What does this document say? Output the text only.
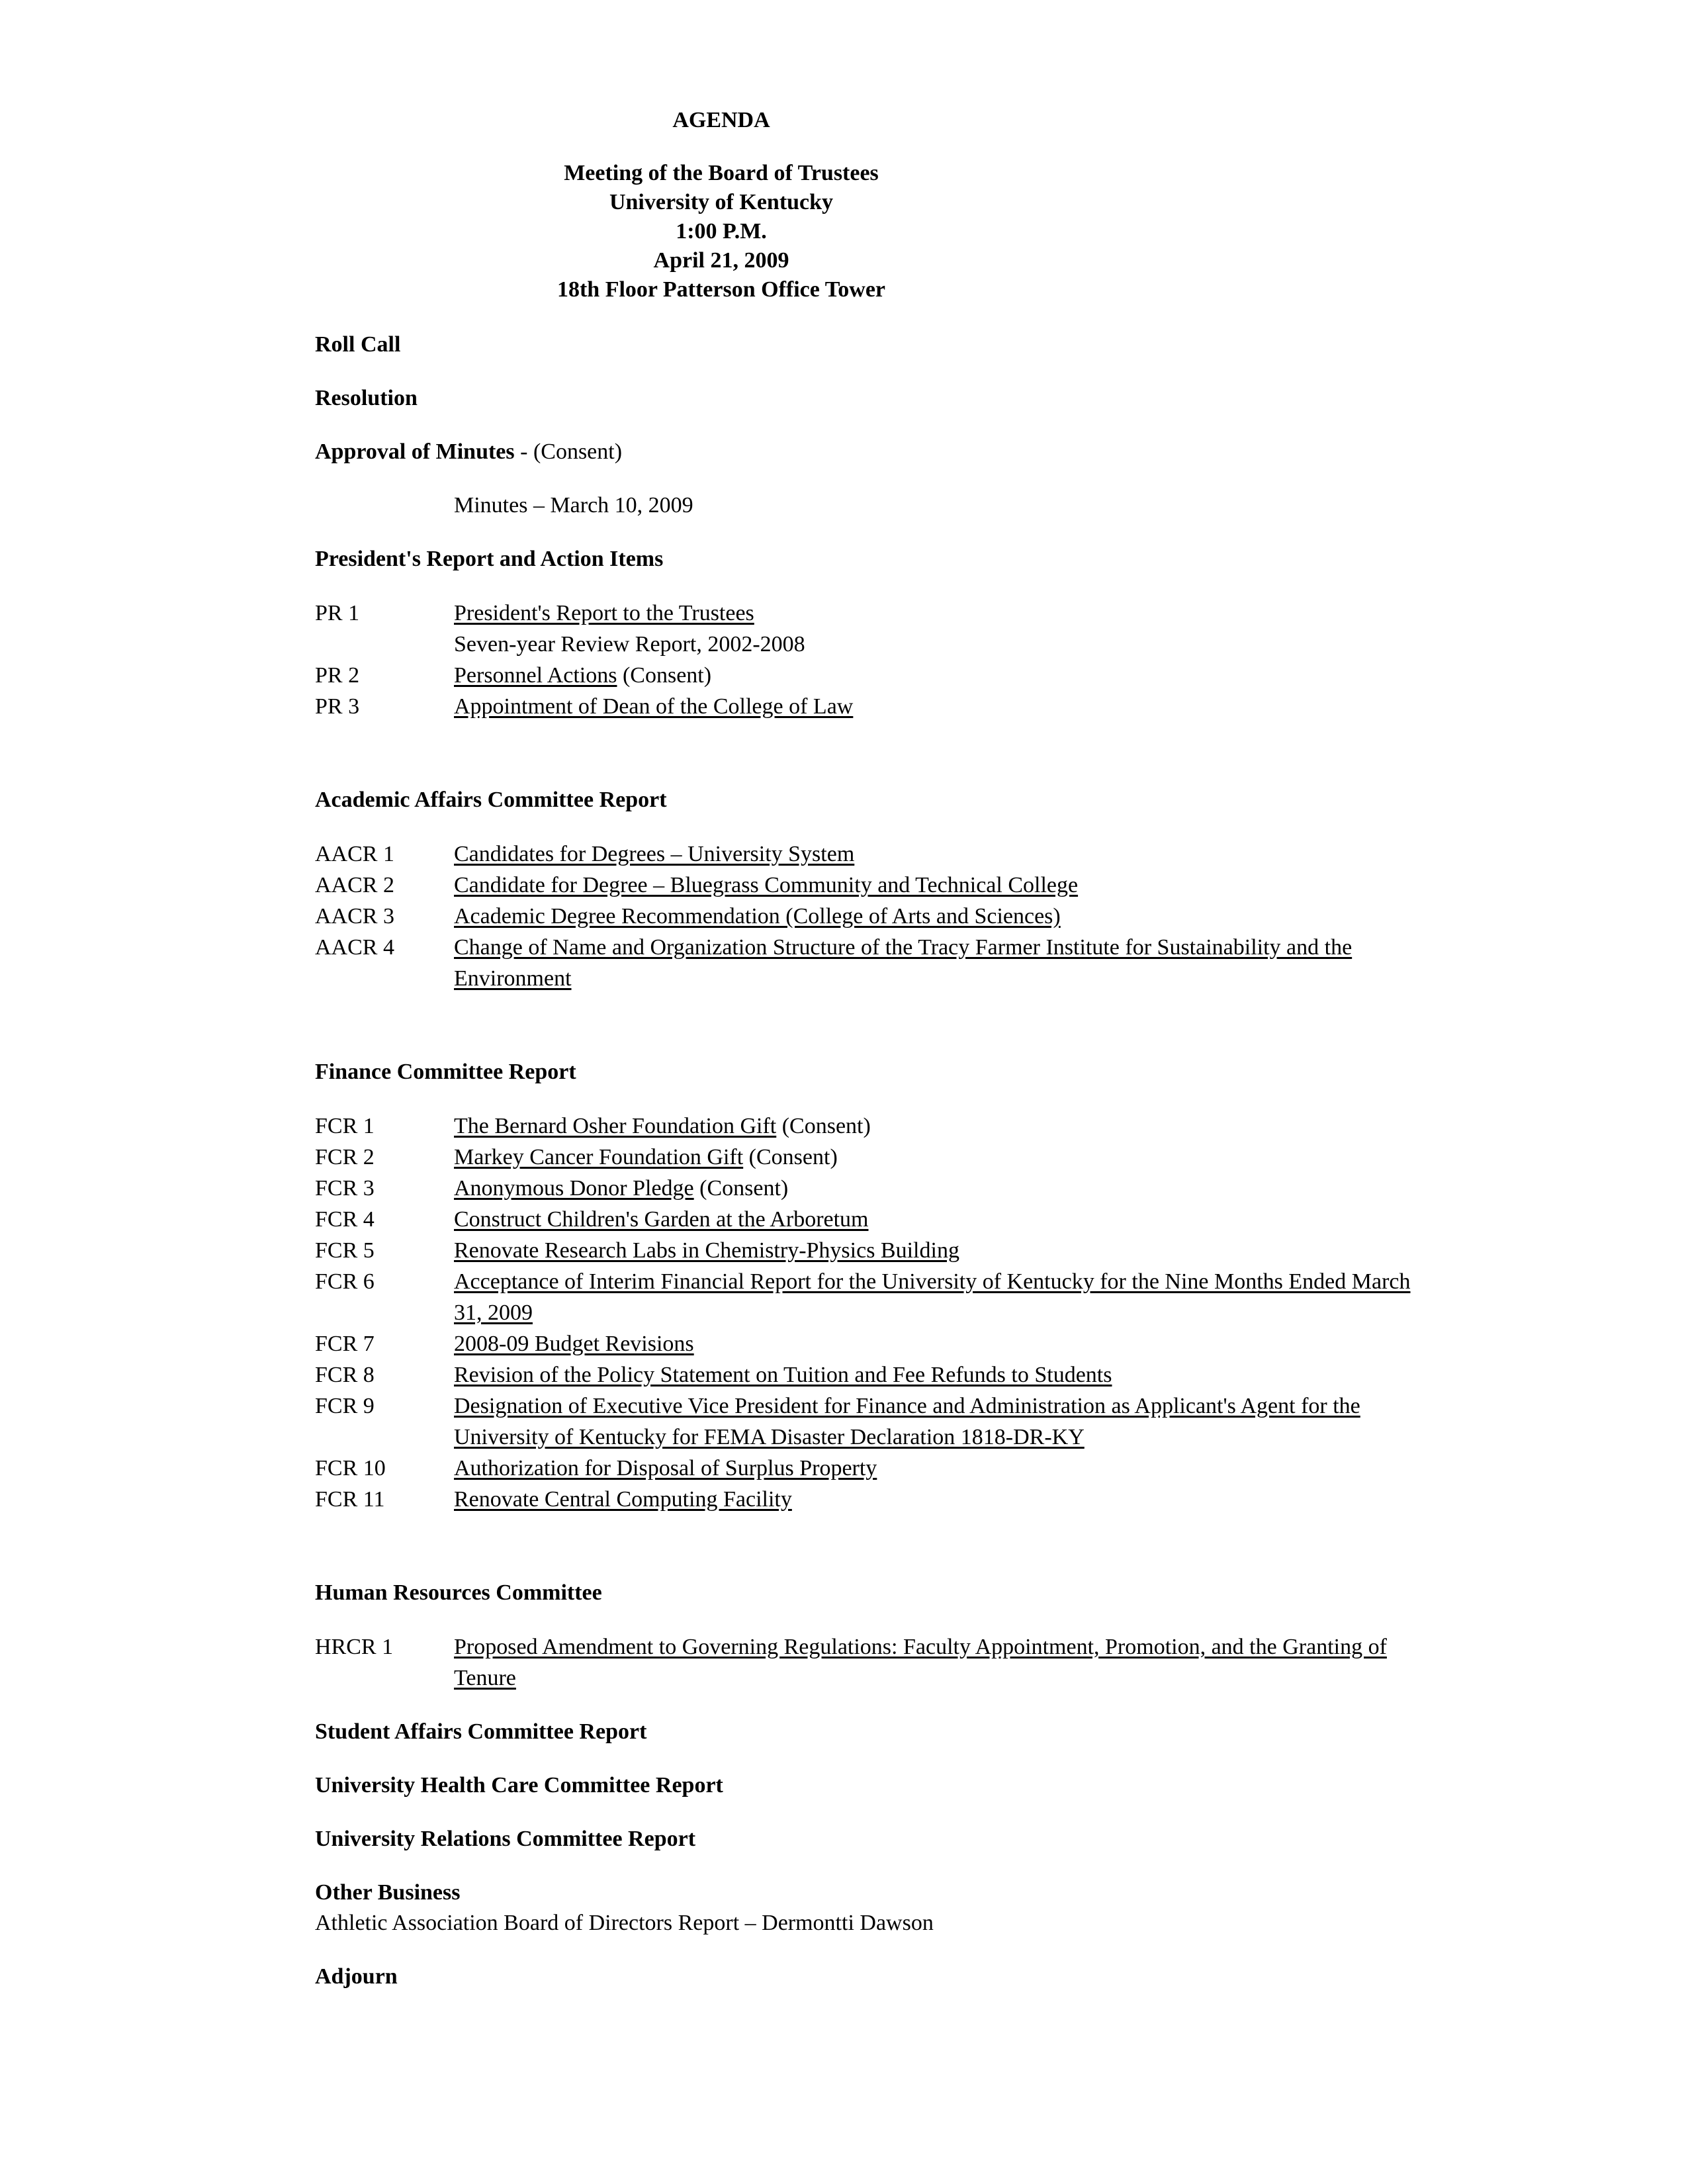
AGENDA
Meeting of the Board of Trustees
University of Kentucky
1:00 P.M.
April 21, 2009
18th Floor Patterson Office Tower
Roll Call
Resolution
Approval of Minutes - (Consent)
Minutes – March 10, 2009
President's Report and Action Items
PR 1	President's Report to the Trustees
Seven-year Review Report, 2002-2008
PR 2	Personnel Actions (Consent)
PR 3	Appointment of Dean of the College of Law
Academic Affairs Committee Report
AACR 1	Candidates for Degrees – University System
AACR 2	Candidate for Degree – Bluegrass Community and Technical College
AACR 3	Academic Degree Recommendation (College of Arts and Sciences)
AACR 4	Change of Name and Organization Structure of the Tracy Farmer Institute for Sustainability and the Environment
Finance Committee Report
FCR 1	The Bernard Osher Foundation Gift (Consent)
FCR 2	Markey Cancer Foundation Gift (Consent)
FCR 3	Anonymous Donor Pledge (Consent)
FCR 4	Construct Children's Garden at the Arboretum
FCR 5	Renovate Research Labs in Chemistry-Physics Building
FCR 6	Acceptance of Interim Financial Report for the University of Kentucky for the Nine Months Ended March 31, 2009
FCR 7	2008-09 Budget Revisions
FCR 8	Revision of the Policy Statement on Tuition and Fee Refunds to Students
FCR 9	Designation of Executive Vice President for Finance and Administration as Applicant's Agent for the University of Kentucky for FEMA Disaster Declaration 1818-DR-KY
FCR 10	Authorization for Disposal of Surplus Property
FCR 11	Renovate Central Computing Facility
Human Resources Committee
HRCR 1	Proposed Amendment to Governing Regulations: Faculty Appointment, Promotion, and the Granting of Tenure
Student Affairs Committee Report
University Health Care Committee Report
University Relations Committee Report
Other Business
Athletic Association Board of Directors Report – Dermontti Dawson
Adjourn
